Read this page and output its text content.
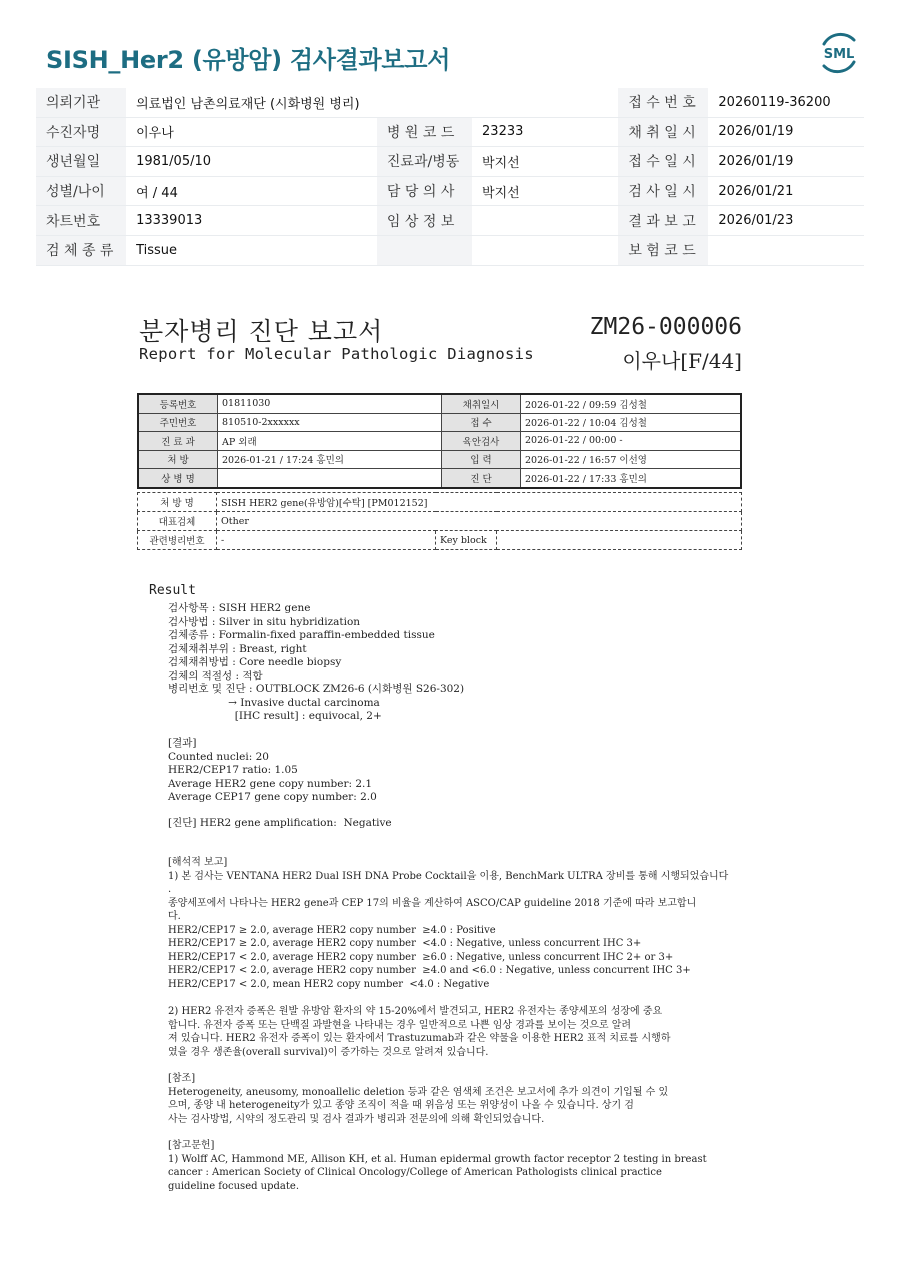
SISH_Her2 (유방암) 검사결과보고서	SML
의뢰기관	의료법인 남촌의료재단 (시화병원 병리)			접 수 번 호	20260119-36200
수진자명	이우나	병 원 코 드	23233	채 취 일 시	2026/01/19
생년월일	1981/05/10	진료과/병동	박지선	접 수 일 시	2026/01/19
성별/나이	여 / 44	담 당 의 사	박지선	검 사 일 시	2026/01/21
차트번호	13339013	임 상 정 보		결 과 보 고	2026/01/23
검 체 종 류	Tissue			보 험 코 드	
분자병리 진단 보고서
Report for Molecular Pathologic Diagnosis
ZM26-000006
이우나[F/44]
등록번호	01811030	채취일시	2026-01-22 / 09:59 김성철
주민번호	810510-2xxxxxx	접 수	2026-01-22 / 10:04 김성철
진 료 과	AP 외래	육안검사	2026-01-22 / 00:00 -
처 방	2026-01-21 / 17:24 홍민의	입 력	2026-01-22 / 16:57 이선영
상 병 명		진 단	2026-01-22 / 17:33 홍민의
처 방 명	SISH HER2 gene(유방암)[수탁] [PM012152]		
대표검체	Other		
관련병리번호	-	Key block	
Result
검사항목 : SISH HER2 gene
검사방법 : Silver in situ hybridization
검체종류 : Formalin-fixed paraffin-embedded tissue
검체채취부위 : Breast, right
검체채취방법 : Core needle biopsy
검체의 적절성 : 적합
병리번호 및 진단 : OUTBLOCK ZM26-6 (시화병원 S26-302)
→ Invasive ductal carcinoma
[IHC result] : equivocal, 2+
[결과]
Counted nuclei: 20
HER2/CEP17 ratio: 1.05
Average HER2 gene copy number: 2.1
Average CEP17 gene copy number: 2.0
[진단] HER2 gene amplification:  Negative
[해석적 보고]
1) 본 검사는 VENTANA HER2 Dual ISH DNA Probe Cocktail을 이용, BenchMark ULTRA 장비를 통해 시행되었습니다
.
종양세포에서 나타나는 HER2 gene과 CEP 17의 비율을 계산하여 ASCO/CAP guideline 2018 기준에 따라 보고합니
다.
HER2/CEP17 ≥ 2.0, average HER2 copy number  ≥4.0 : Positive
HER2/CEP17 ≥ 2.0, average HER2 copy number  <4.0 : Negative, unless concurrent IHC 3+
HER2/CEP17 < 2.0, average HER2 copy number  ≥6.0 : Negative, unless concurrent IHC 2+ or 3+
HER2/CEP17 < 2.0, average HER2 copy number  ≥4.0 and <6.0 : Negative, unless concurrent IHC 3+
HER2/CEP17 < 2.0, mean HER2 copy number  <4.0 : Negative
2) HER2 유전자 증폭은 원발 유방암 환자의 약 15-20%에서 발견되고, HER2 유전자는 종양세포의 성장에 중요
합니다. 유전자 증폭 또는 단백질 과발현을 나타내는 경우 일반적으로 나쁜 임상 경과를 보이는 것으로 알려
져 있습니다. HER2 유전자 증폭이 있는 환자에서 Trastuzumab과 같은 약물을 이용한 HER2 표적 치료를 시행하
였을 경우 생존율(overall survival)이 증가하는 것으로 알려져 있습니다.
[참조]
Heterogeneity, aneusomy, monoallelic deletion 등과 같은 염색체 조건은 보고서에 추가 의견이 기입될 수 있
으며, 종양 내 heterogeneity가 있고 종양 조직이 적을 때 위음성 또는 위양성이 나올 수 있습니다. 상기 검
사는 검사방법, 시약의 정도관리 및 검사 결과가 병리과 전문의에 의해 확인되었습니다.
[참고문헌]
1) Wolff AC, Hammond ME, Allison KH, et al. Human epidermal growth factor receptor 2 testing in breast
cancer : American Society of Clinical Oncology/College of American Pathologists clinical practice
guideline focused update.
